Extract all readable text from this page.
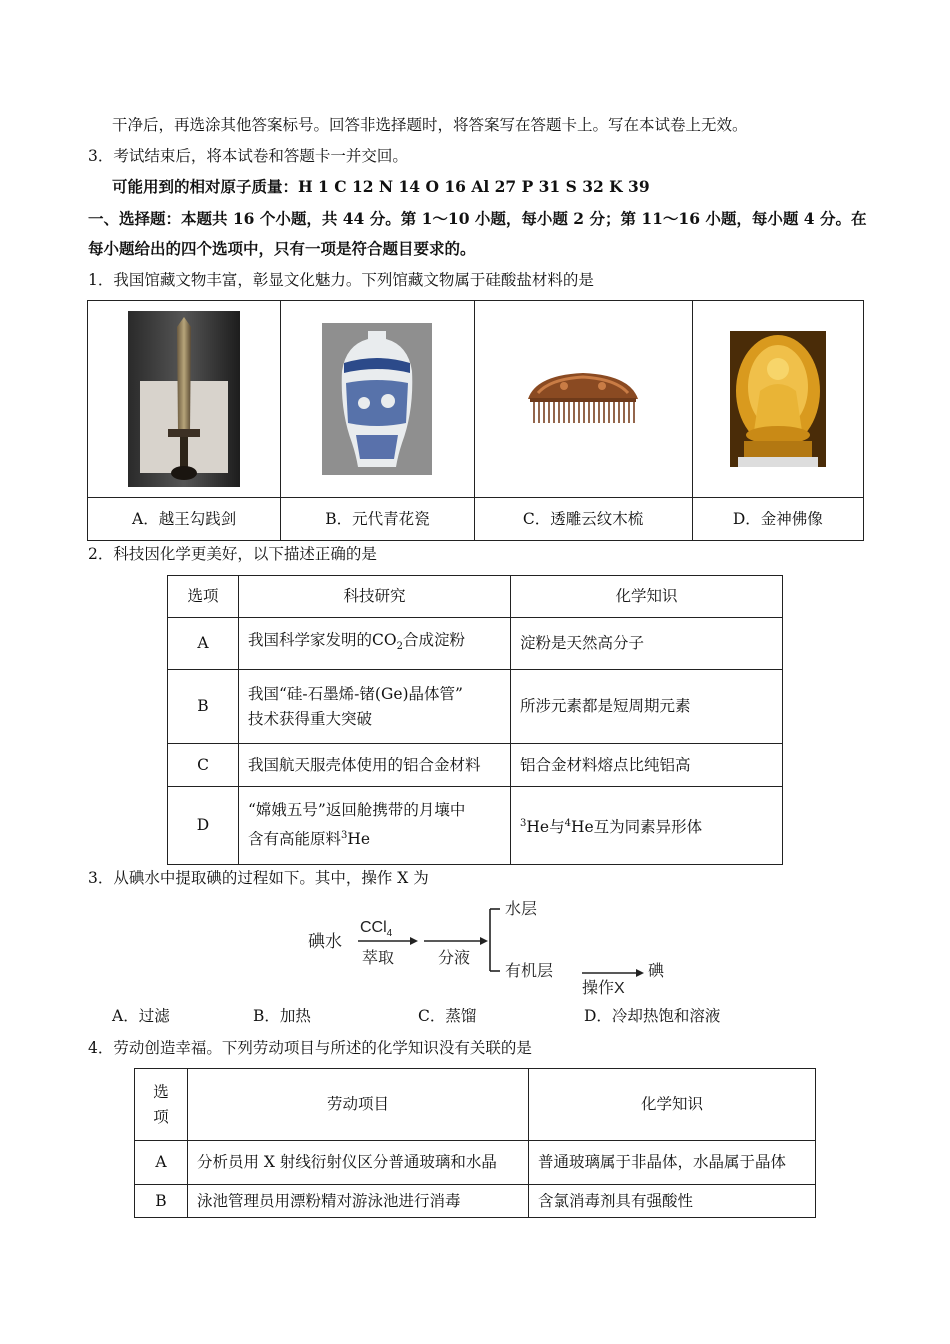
干净后，再选涂其他答案标号。回答非选择题时，将答案写在答题卡上。写在本试卷上无效。
3．考试结束后，将本试卷和答题卡一并交回。
可能用到的相对原子质量：H 1 C 12 N 14 O 16 Al 27 P 31 S 32 K 39
一、选择题：本题共 16 个小题，共 44 分。第 1～10 小题，每小题 2 分；第 11～16 小题，每小题 4 分。在
每小题给出的四个选项中，只有一项是符合题目要求的。
1．我国馆藏文物丰富，彰显文化魅力。下列馆藏文物属于硅酸盐材料的是

A．越王勾践剑	B．元代青花瓷	C．透雕云纹木梳	D．金神佛像
2．科技因化学更美好，以下描述正确的是
选项	科技研究	化学知识
A	我国科学家发明的$CO_2$合成淀粉	淀粉是天然高分子
B	我国“硅-石墨烯-锗(Ge)晶体管”
技术获得重大突破	所涉元素都是短周期元素
C	我国航天服壳体使用的铝合金材料	铝合金材料熔点比纯铝高
D	“嫦娥五号”返回舱携带的月壤中
含有高能原料$^3$He	$^3$He与$^4$He互为同素异形体
3．从碘水中提取碘的过程如下。其中，操作 X 为
碘水
CCl$_4$
萃取	分液
水层
有机层
操作X
碘
A．过滤	B．加热	C．蒸馏	D．冷却热饱和溶液
4．劳动创造幸福。下列劳动项目与所述的化学知识没有关联的是
选
项	劳动项目	化学知识
A	分析员用 X 射线衍射仪区分普通玻璃和水晶	普通玻璃属于非晶体，水晶属于晶体
B	泳池管理员用漂粉精对游泳池进行消毒	含氯消毒剂具有强酸性
